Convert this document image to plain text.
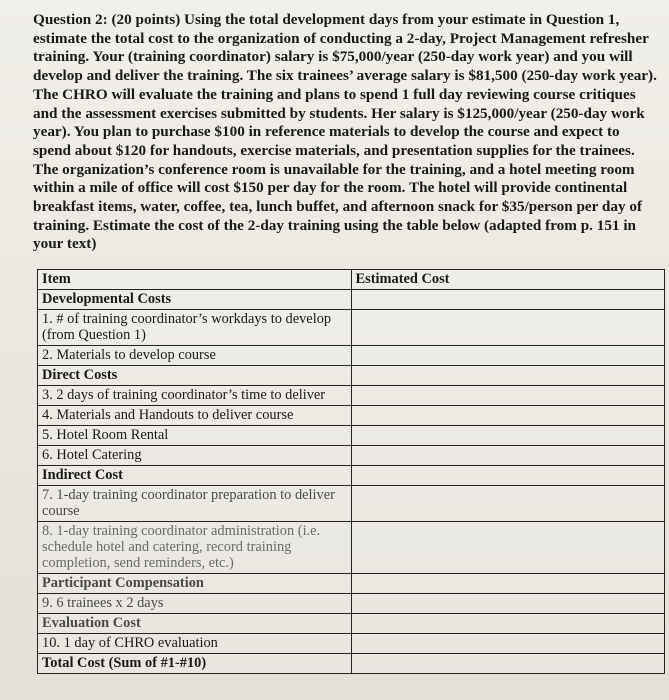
Question 2: (20 points) Using the total development days from your estimate in Question 1, estimate the total cost to the organization of conducting a 2-day, Project Management refresher training. Your (training coordinator) salary is $75,000/year (250-day work year) and you will develop and deliver the training. The six trainees’ average salary is $81,500 (250-day work year). The CHRO will evaluate the training and plans to spend 1 full day reviewing course critiques and the assessment exercises submitted by students. Her salary is $125,000/year (250-day work year). You plan to purchase $100 in reference materials to develop the course and expect to spend about $120 for handouts, exercise materials, and presentation supplies for the trainees. The organization’s conference room is unavailable for the training, and a hotel meeting room within a mile of office will cost $150 per day for the room. The hotel will provide continental breakfast items, water, coffee, tea, lunch buffet, and afternoon snack for $35/person per day of training. Estimate the cost of the 2-day training using the table below (adapted from p. 151 in your text)

Item	Estimated Cost
Developmental Costs	
1. # of training coordinator’s workdays to develop (from Question 1)	
2. Materials to develop course	
Direct Costs	
3. 2 days of training coordinator’s time to deliver	
4. Materials and Handouts to deliver course	
5. Hotel Room Rental	
6. Hotel Catering	
Indirect Cost	
7. 1-day training coordinator preparation to deliver course	
8. 1-day training coordinator administration (i.e. schedule hotel and catering, record training completion, send reminders, etc.)	
Participant Compensation	
9. 6 trainees x 2 days	
Evaluation Cost	
10. 1 day of CHRO evaluation	
Total Cost (Sum of #1-#10)	
